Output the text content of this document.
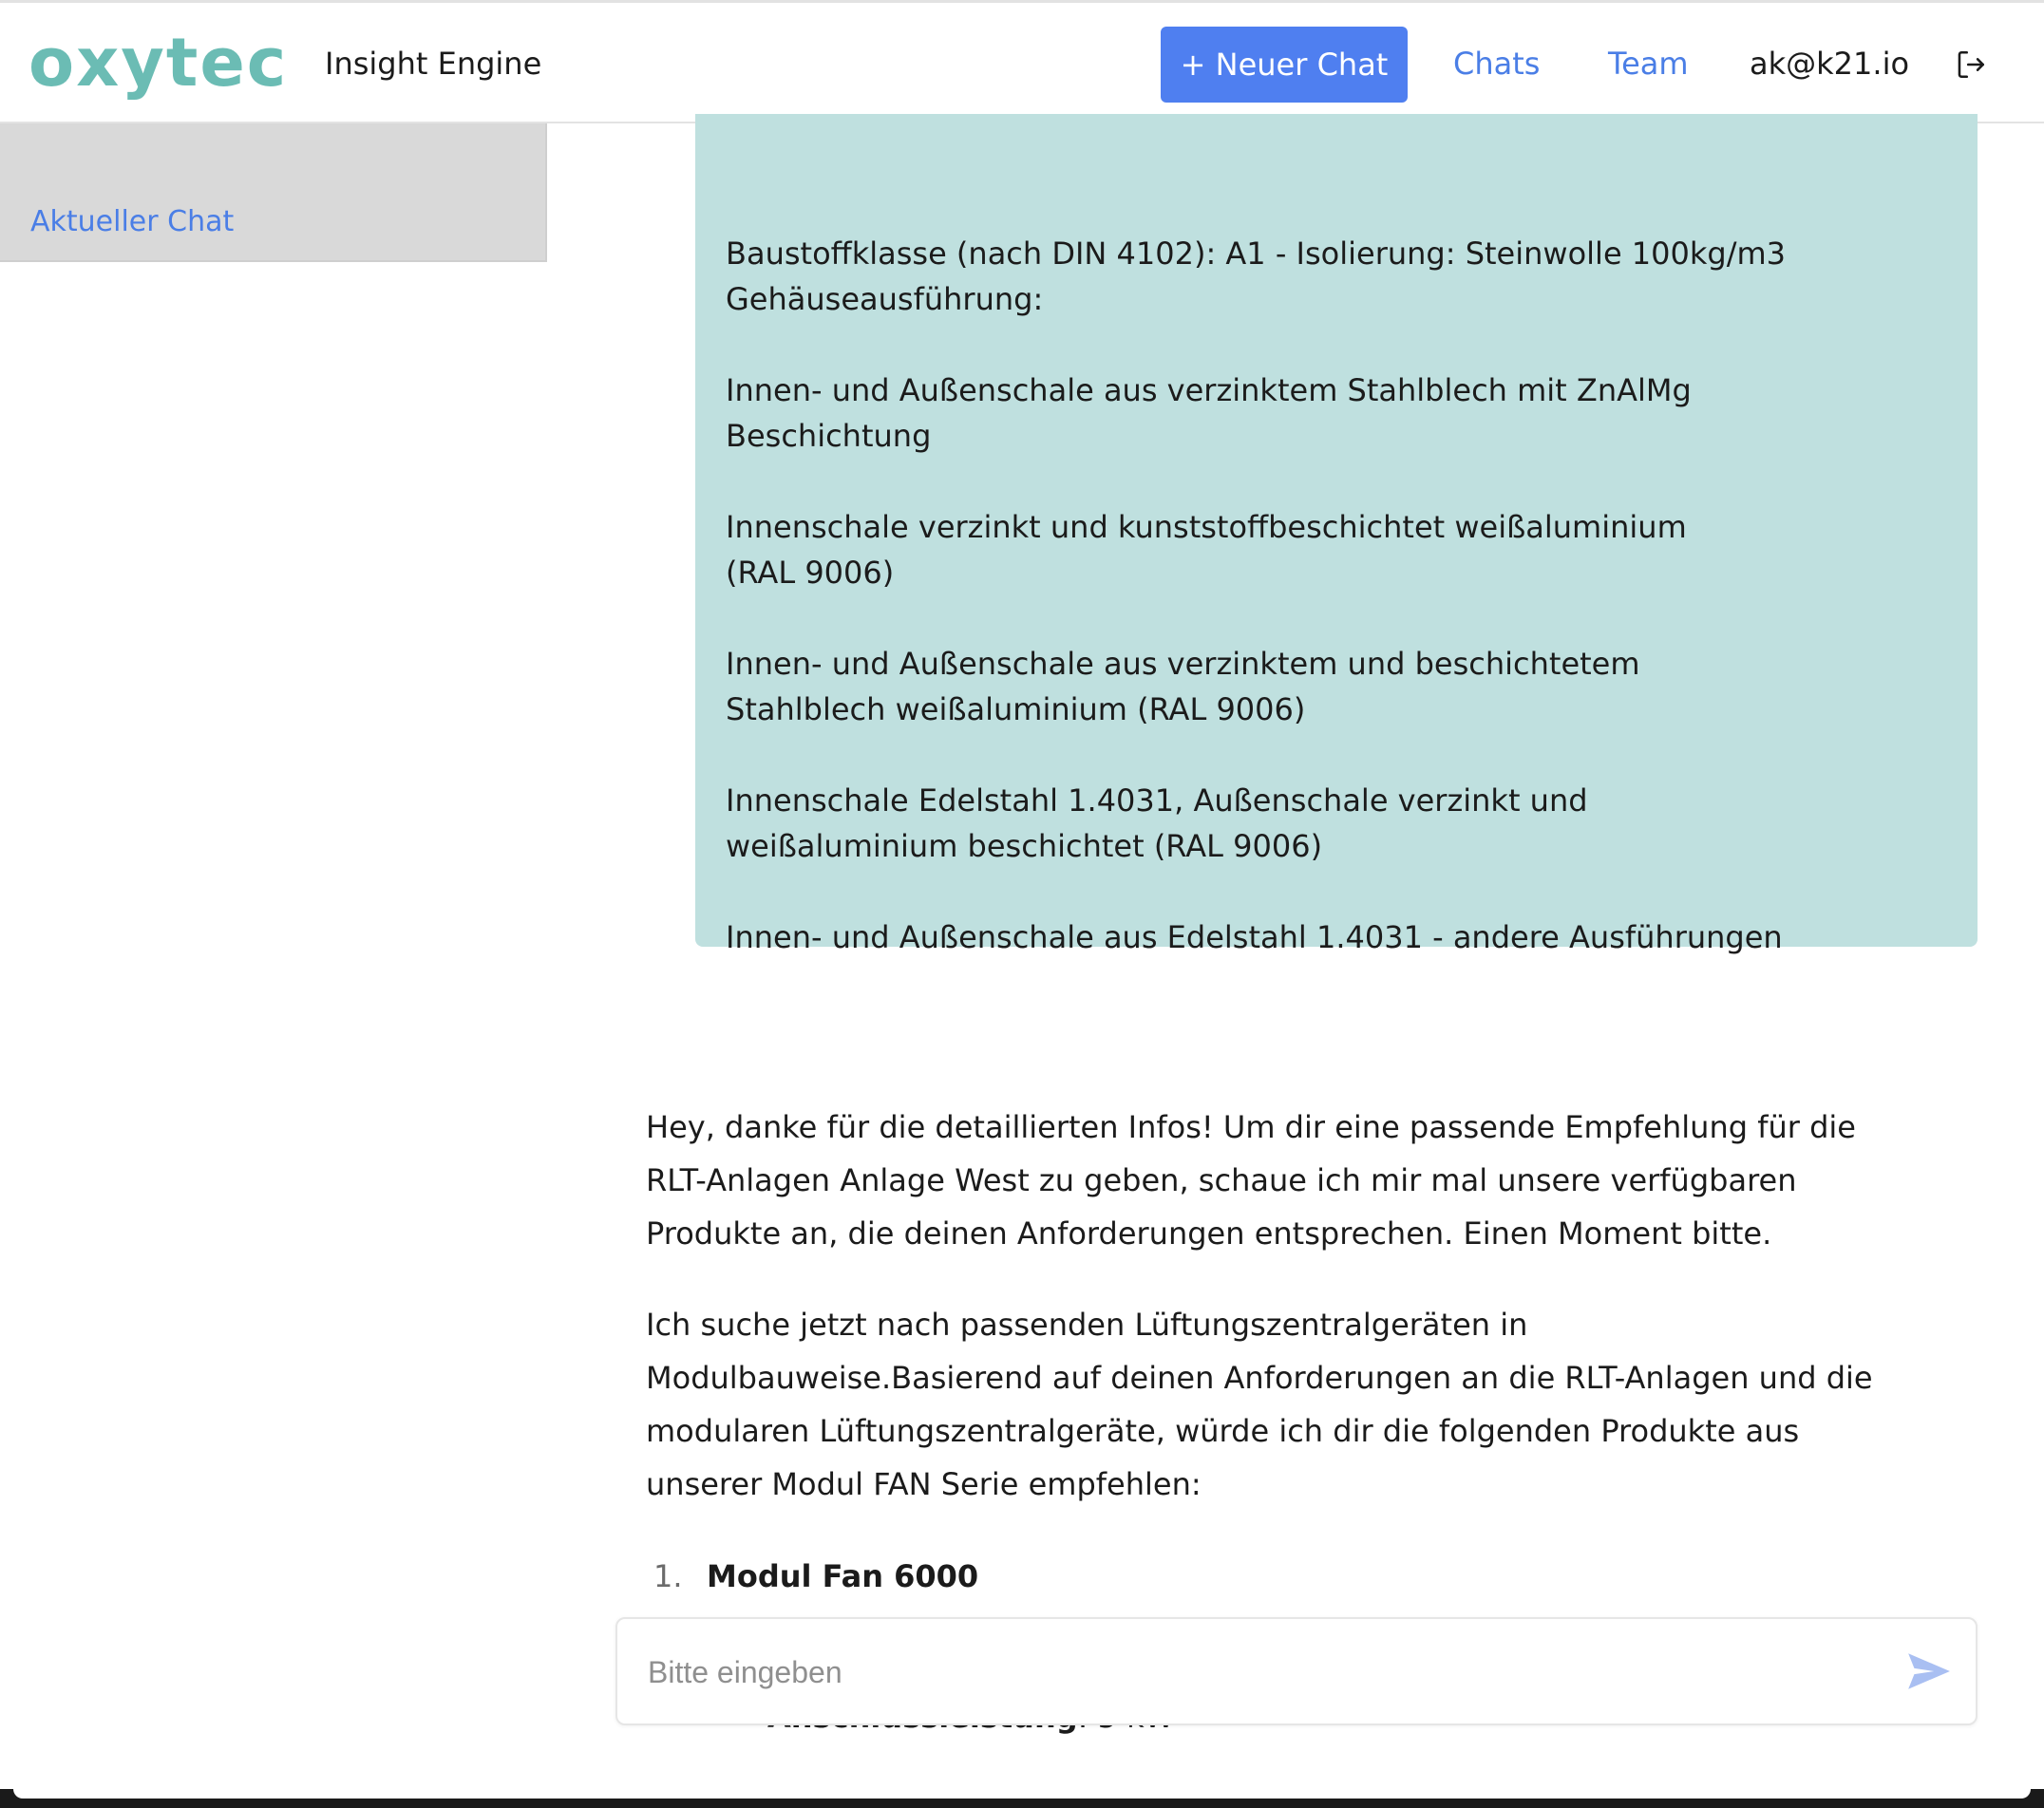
oxytec Insight Engine	+ Neuer Chat	Chats Team ak@k21.io
Aktueller Chat
Baustoffklasse (nach DIN 4102): A1 - Isolierung: Steinwolle 100kg/m3
Gehäuseausführung:
Innen- und Außenschale aus verzinktem Stahlblech mit ZnAlMg
Beschichtung
Innenschale verzinkt und kunststoffbeschichtet weißaluminium
(RAL 9006)
Innen- und Außenschale aus verzinktem und beschichtetem
Stahlblech weißaluminium (RAL 9006)
Innenschale Edelstahl 1.4031, Außenschale verzinkt und
weißaluminium beschichtet (RAL 9006)
Innen- und Außenschale aus Edelstahl 1.4031 - andere Ausführungen
Hey, danke für die detaillierten Infos! Um dir eine passende Empfehlung für die RLT-Anlagen Anlage West zu geben, schaue ich mir mal unsere verfügbaren Produkte an, die deinen Anforderungen entsprechen. Einen Moment bitte.
Ich suche jetzt nach passenden Lüftungszentralgeräten in Modulbauweise.Basierend auf deinen Anforderungen an die RLT-Anlagen und die modularen Lüftungszentralgeräte, würde ich dir die folgenden Produkte aus unserer Modul FAN Serie empfehlen:
1. Modul Fan 6000
Bitte eingeben
